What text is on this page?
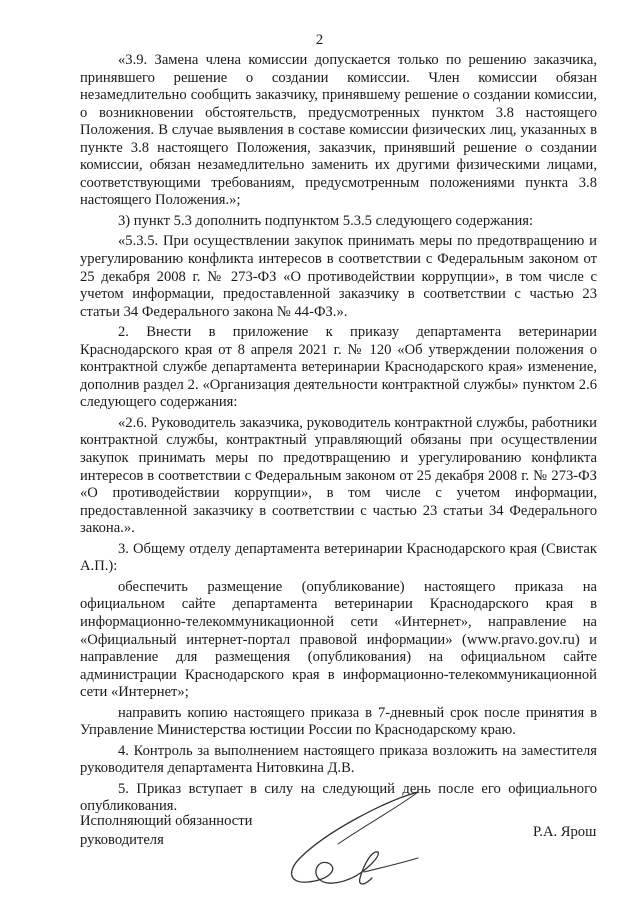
2

«3.9. Замена члена комиссии допускается только по решению заказчика, принявшего решение о создании комиссии. Член комиссии обязан незамедлительно сообщить заказчику, принявшему решение о создании комиссии, о возникновении обстоятельств, предусмотренных пунктом 3.8 настоящего Положения. В случае выявления в составе комиссии физических лиц, указанных в пункте 3.8 настоящего Положения, заказчик, принявший решение о создании комиссии, обязан незамедлительно заменить их другими физическими лицами, соответствующими требованиям, предусмотренным положениями пункта 3.8 настоящего Положения.»;

3) пункт 5.3 дополнить подпунктом 5.3.5 следующего содержания:

«5.3.5. При осуществлении закупок принимать меры по предотвращению и урегулированию конфликта интересов в соответствии с Федеральным законом от 25 декабря 2008 г. № 273-ФЗ «О противодействии коррупции», в том числе с учетом информации, предоставленной заказчику в соответствии с частью 23 статьи 34 Федерального закона № 44-ФЗ.».

2. Внести в приложение к приказу департамента ветеринарии Краснодарского края от 8 апреля 2021 г. № 120 «Об утверждении положения о контрактной службе департамента ветеринарии Краснодарского края» изменение, дополнив раздел 2. «Организация деятельности контрактной службы» пунктом 2.6 следующего содержания:

«2.6. Руководитель заказчика, руководитель контрактной службы, работники контрактной службы, контрактный управляющий обязаны при осуществлении закупок принимать меры по предотвращению и урегулированию конфликта интересов в соответствии с Федеральным законом от 25 декабря 2008 г. № 273-ФЗ «О противодействии коррупции», в том числе с учетом информации, предоставленной заказчику в соответствии с частью 23 статьи 34 Федерального закона.».

3. Общему отделу департамента ветеринарии Краснодарского края (Свистак А.П.):

обеспечить размещение (опубликование) настоящего приказа на официальном сайте департамента ветеринарии Краснодарского края в информационно-телекоммуникационной сети «Интернет», направление на «Официальный интернет-портал правовой информации» (www.pravo.gov.ru) и направление для размещения (опубликования) на официальном сайте администрации Краснодарского края в информационно-телекоммуникационной сети «Интернет»;

направить копию настоящего приказа в 7-дневный срок после принятия в Управление Министерства юстиции России по Краснодарскому краю.

4. Контроль за выполнением настоящего приказа возложить на заместителя руководителя департамента Нитовкина Д.В.

5. Приказ вступает в силу на следующий день после его официального опубликования.

Исполняющий обязанности
руководителя	Р.А. Ярош
